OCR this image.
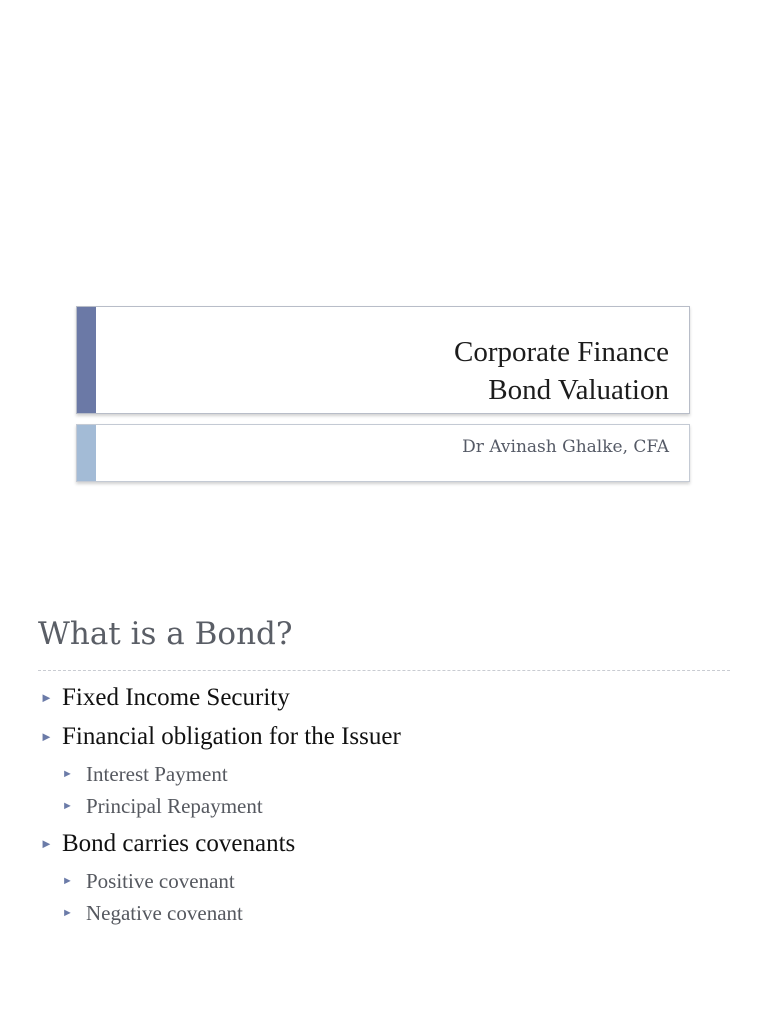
Corporate Finance
Bond Valuation
Dr Avinash Ghalke, CFA
What is a Bond?
► Fixed Income Security
► Financial obligation for the Issuer
► Interest Payment
► Principal Repayment
► Bond carries covenants
► Positive covenant
► Negative covenant
